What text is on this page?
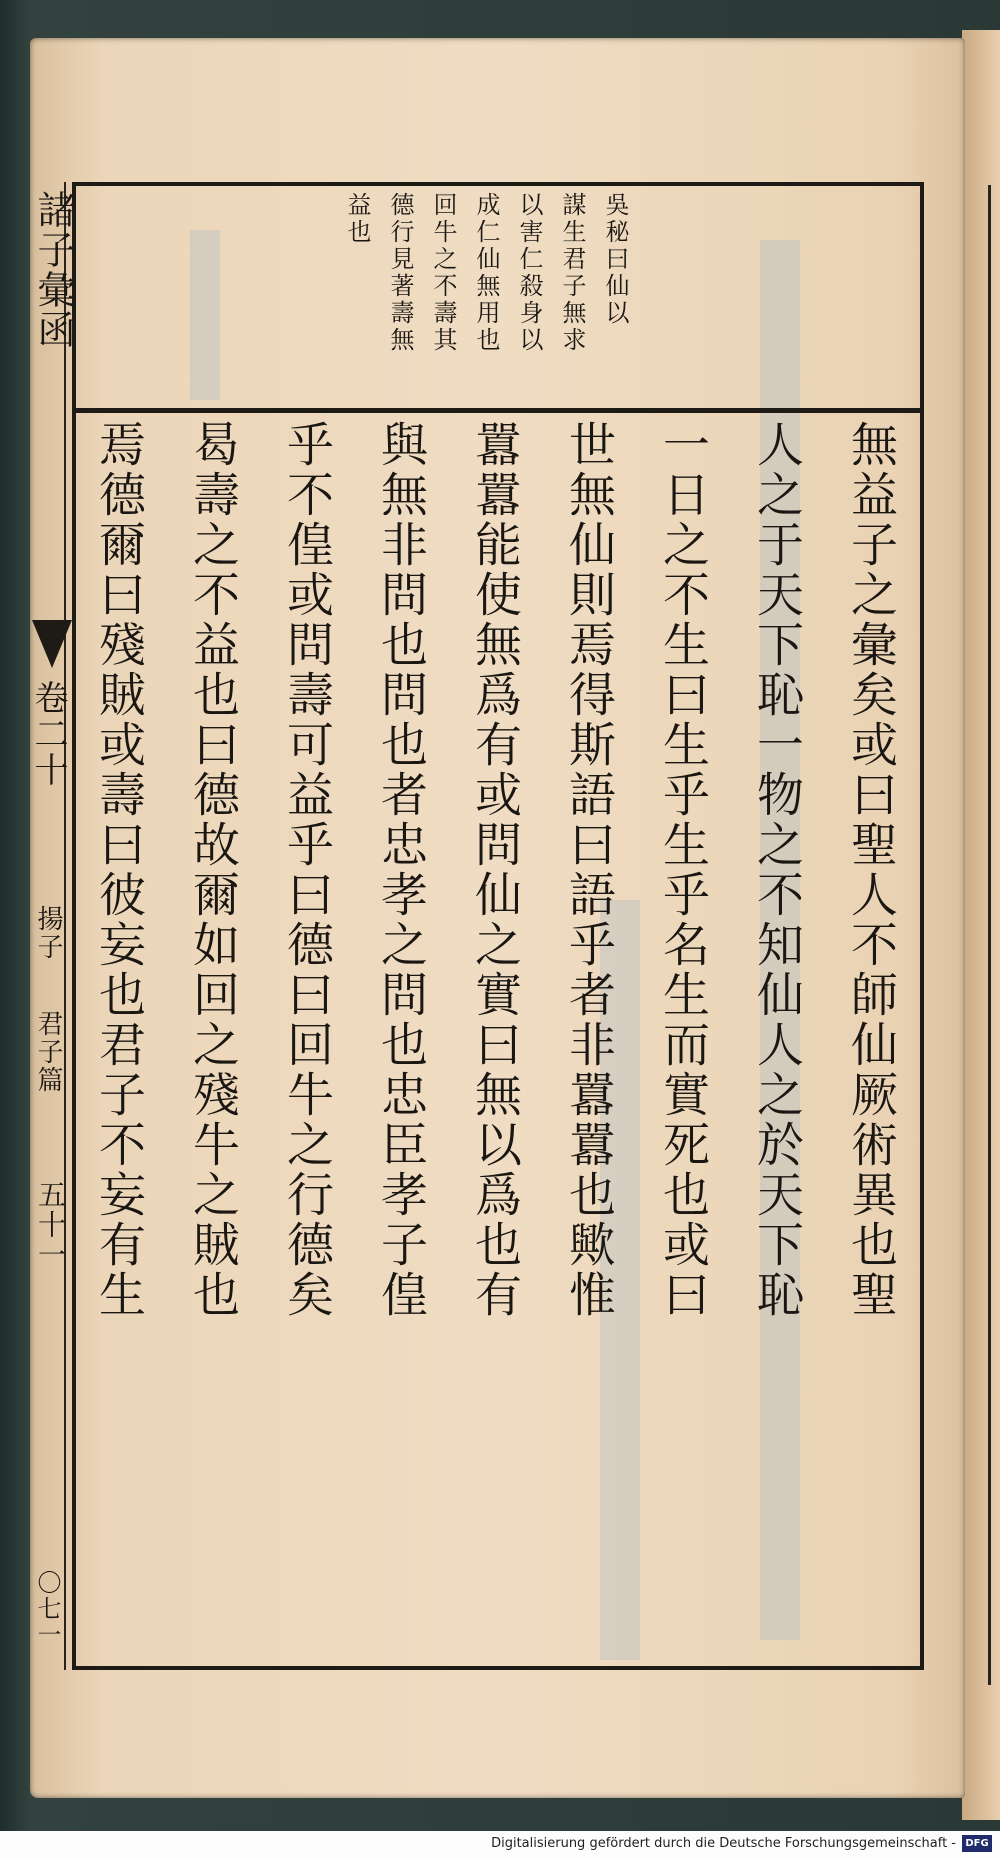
吳秘曰仙以
謀生君子無求
以害仁殺身以
成仁仙無用也
回牛之不壽其
德行見著壽無
益也
無益子之彙矣或曰聖人不師仙厥術異也聖
人之于天下恥一物之不知仙人之於天下恥
一日之不生曰生乎生乎名生而實死也或曰
世無仙則焉得斯語曰語乎者非囂囂也歟惟
囂囂能使無爲有或問仙之實曰無以爲也有
與無非問也問也者忠孝之問也忠臣孝子偟
乎不偟或問壽可益乎曰德曰回牛之行德矣
曷壽之不益也曰德故爾如回之殘牛之賊也
焉德爾曰殘賊或壽曰彼妄也君子不妄有生
諸子彙函
卷二十
揚子
君子篇
五十一
〇七一
Digitalisierung gefördert durch die Deutsche Forschungsgemeinschaft - DFG
